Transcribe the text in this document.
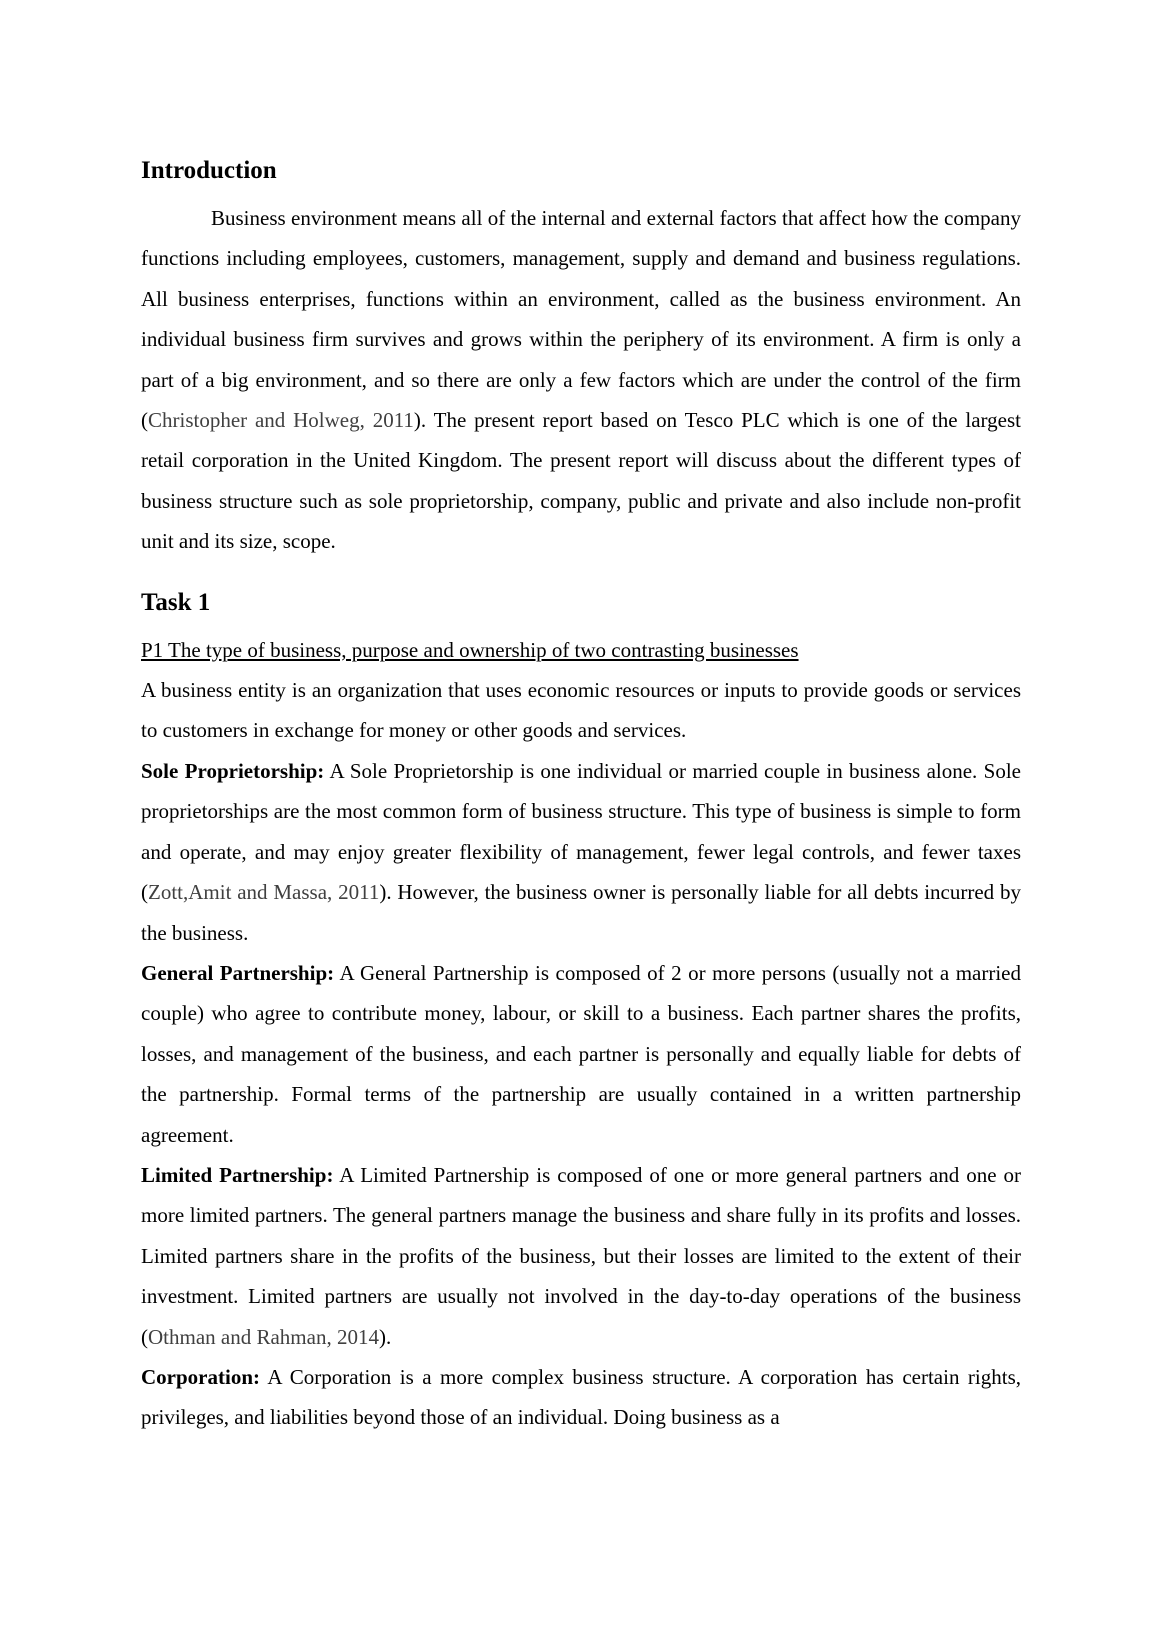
Introduction

Business environment means all of the internal and external factors that affect how the company functions including employees, customers, management, supply and demand and business regulations. All business enterprises, functions within an environment, called as the business environment. An individual business firm survives and grows within the periphery of its environment. A firm is only a part of a big environment, and so there are only a few factors which are under the control of the firm (Christopher and Holweg, 2011). The present report based on Tesco PLC which is one of the largest retail corporation in the United Kingdom. The present report will discuss about the different types of business structure such as sole proprietorship, company, public and private and also include non-profit unit and its size, scope.

Task 1
P1 The type of business, purpose and ownership of two contrasting businesses

A business entity is an organization that uses economic resources or inputs to provide goods or services to customers in exchange for money or other goods and services.

Sole Proprietorship: A Sole Proprietorship is one individual or married couple in business alone. Sole proprietorships are the most common form of business structure. This type of business is simple to form and operate, and may enjoy greater flexibility of management, fewer legal controls, and fewer taxes (Zott,Amit and Massa, 2011). However, the business owner is personally liable for all debts incurred by the business.

General Partnership: A General Partnership is composed of 2 or more persons (usually not a married couple) who agree to contribute money, labour, or skill to a business. Each partner shares the profits, losses, and management of the business, and each partner is personally and equally liable for debts of the partnership. Formal terms of the partnership are usually contained in a written partnership agreement.

Limited Partnership: A Limited Partnership is composed of one or more general partners and one or more limited partners. The general partners manage the business and share fully in its profits and losses. Limited partners share in the profits of the business, but their losses are limited to the extent of their investment. Limited partners are usually not involved in the day-to-day operations of the business (Othman and Rahman, 2014).

Corporation: A Corporation is a more complex business structure. A corporation has certain rights, privileges, and liabilities beyond those of an individual. Doing business as a
